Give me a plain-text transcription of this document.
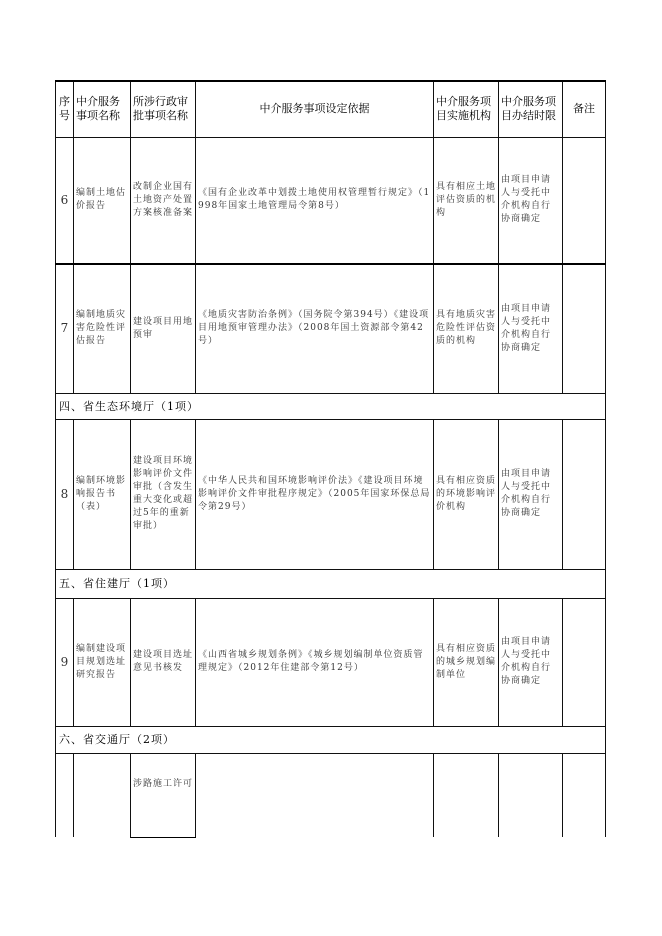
序号	中介服务事项名称	所涉行政审　批事项名称	中介服务事项设定依据	中介服务项目实施机构	中介服务项目办结时限	备注
6	编制土地估价报告	改制企业国有土地资产处置方案核准备案	《国有企业改革中划拨土地使用权管理暂行规定》（1998年国家土地管理局令第8号）	具有相应土地评估资质的机构	由项目申请人与受托中介机构自行协商确定	
7	编制地质灾害危险性评估报告	建设项目用地预审	《地质灾害防治条例》（国务院令第394号）《建设项目用地预审管理办法》（2008年国土资源部令第42号）	具有地质灾害危险性评估资质的机构	由项目申请人与受托中介机构自行协商确定	
四、省生态环境厅（1项）						
8	编制环境影响报告书（表）	建设项目环境影响评价文件审批（含发生重大变化或超过5年的重新审批）	《中华人民共和国环境影响评价法》《建设项目环境影响评价文件审批程序规定》（2005年国家环保总局令第29号）	具有相应资质的环境影响评价机构	由项目申请人与受托中介机构自行协商确定	
五、省住建厅（1项）						
9	编制建设项目规划选址研究报告	建设项目选址意见书核发	《山西省城乡规划条例》《城乡规划编制单位资质管理规定》（2012年住建部令第12号）	具有相应资质的城乡规划编制单位	由项目申请人与受托中介机构自行协商确定	
六、省交通厅（2项）						
		涉路施工许可				
